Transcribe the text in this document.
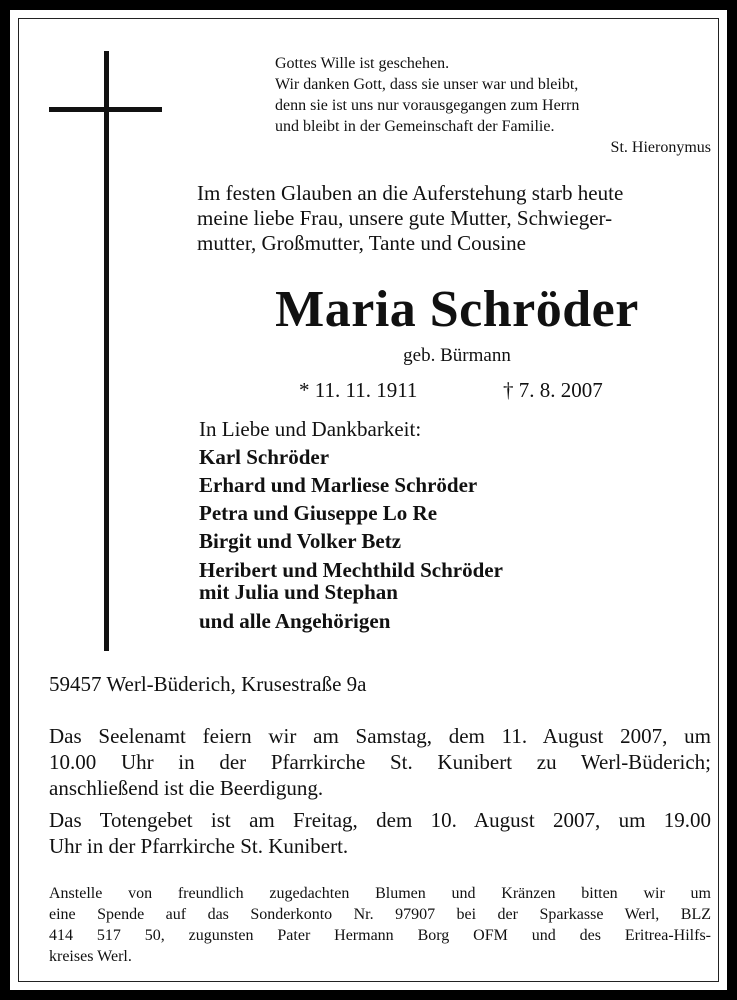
Gottes Wille ist geschehen.
Wir danken Gott, dass sie unser war und bleibt,
denn sie ist uns nur vorausgegangen zum Herrn
und bleibt in der Gemeinschaft der Familie.
St. Hieronymus
Im festen Glauben an die Auferstehung starb heute
meine liebe Frau, unsere gute Mutter, Schwieger-
mutter, Großmutter, Tante und Cousine
Maria Schröder
geb. Bürmann
* 11. 11. 1911	† 7. 8. 2007
In Liebe und Dankbarkeit:
Karl Schröder
Erhard und Marliese Schröder
Petra und Giuseppe Lo Re
Birgit und Volker Betz
Heribert und Mechthild Schröder
mit Julia und Stephan
und alle Angehörigen
59457 Werl-Büderich, Krusestraße 9a
Das Seelenamt feiern wir am Samstag, dem 11. August 2007, um
10.00 Uhr in der Pfarrkirche St. Kunibert zu Werl-Büderich;
anschließend ist die Beerdigung.
Das Totengebet ist am Freitag, dem 10. August 2007, um 19.00
Uhr in der Pfarrkirche St. Kunibert.
Anstelle von freundlich zugedachten Blumen und Kränzen bitten wir um
eine Spende auf das Sonderkonto Nr. 97907 bei der Sparkasse Werl, BLZ
414 517 50, zugunsten Pater Hermann Borg OFM und des Eritrea-Hilfs-
kreises Werl.
